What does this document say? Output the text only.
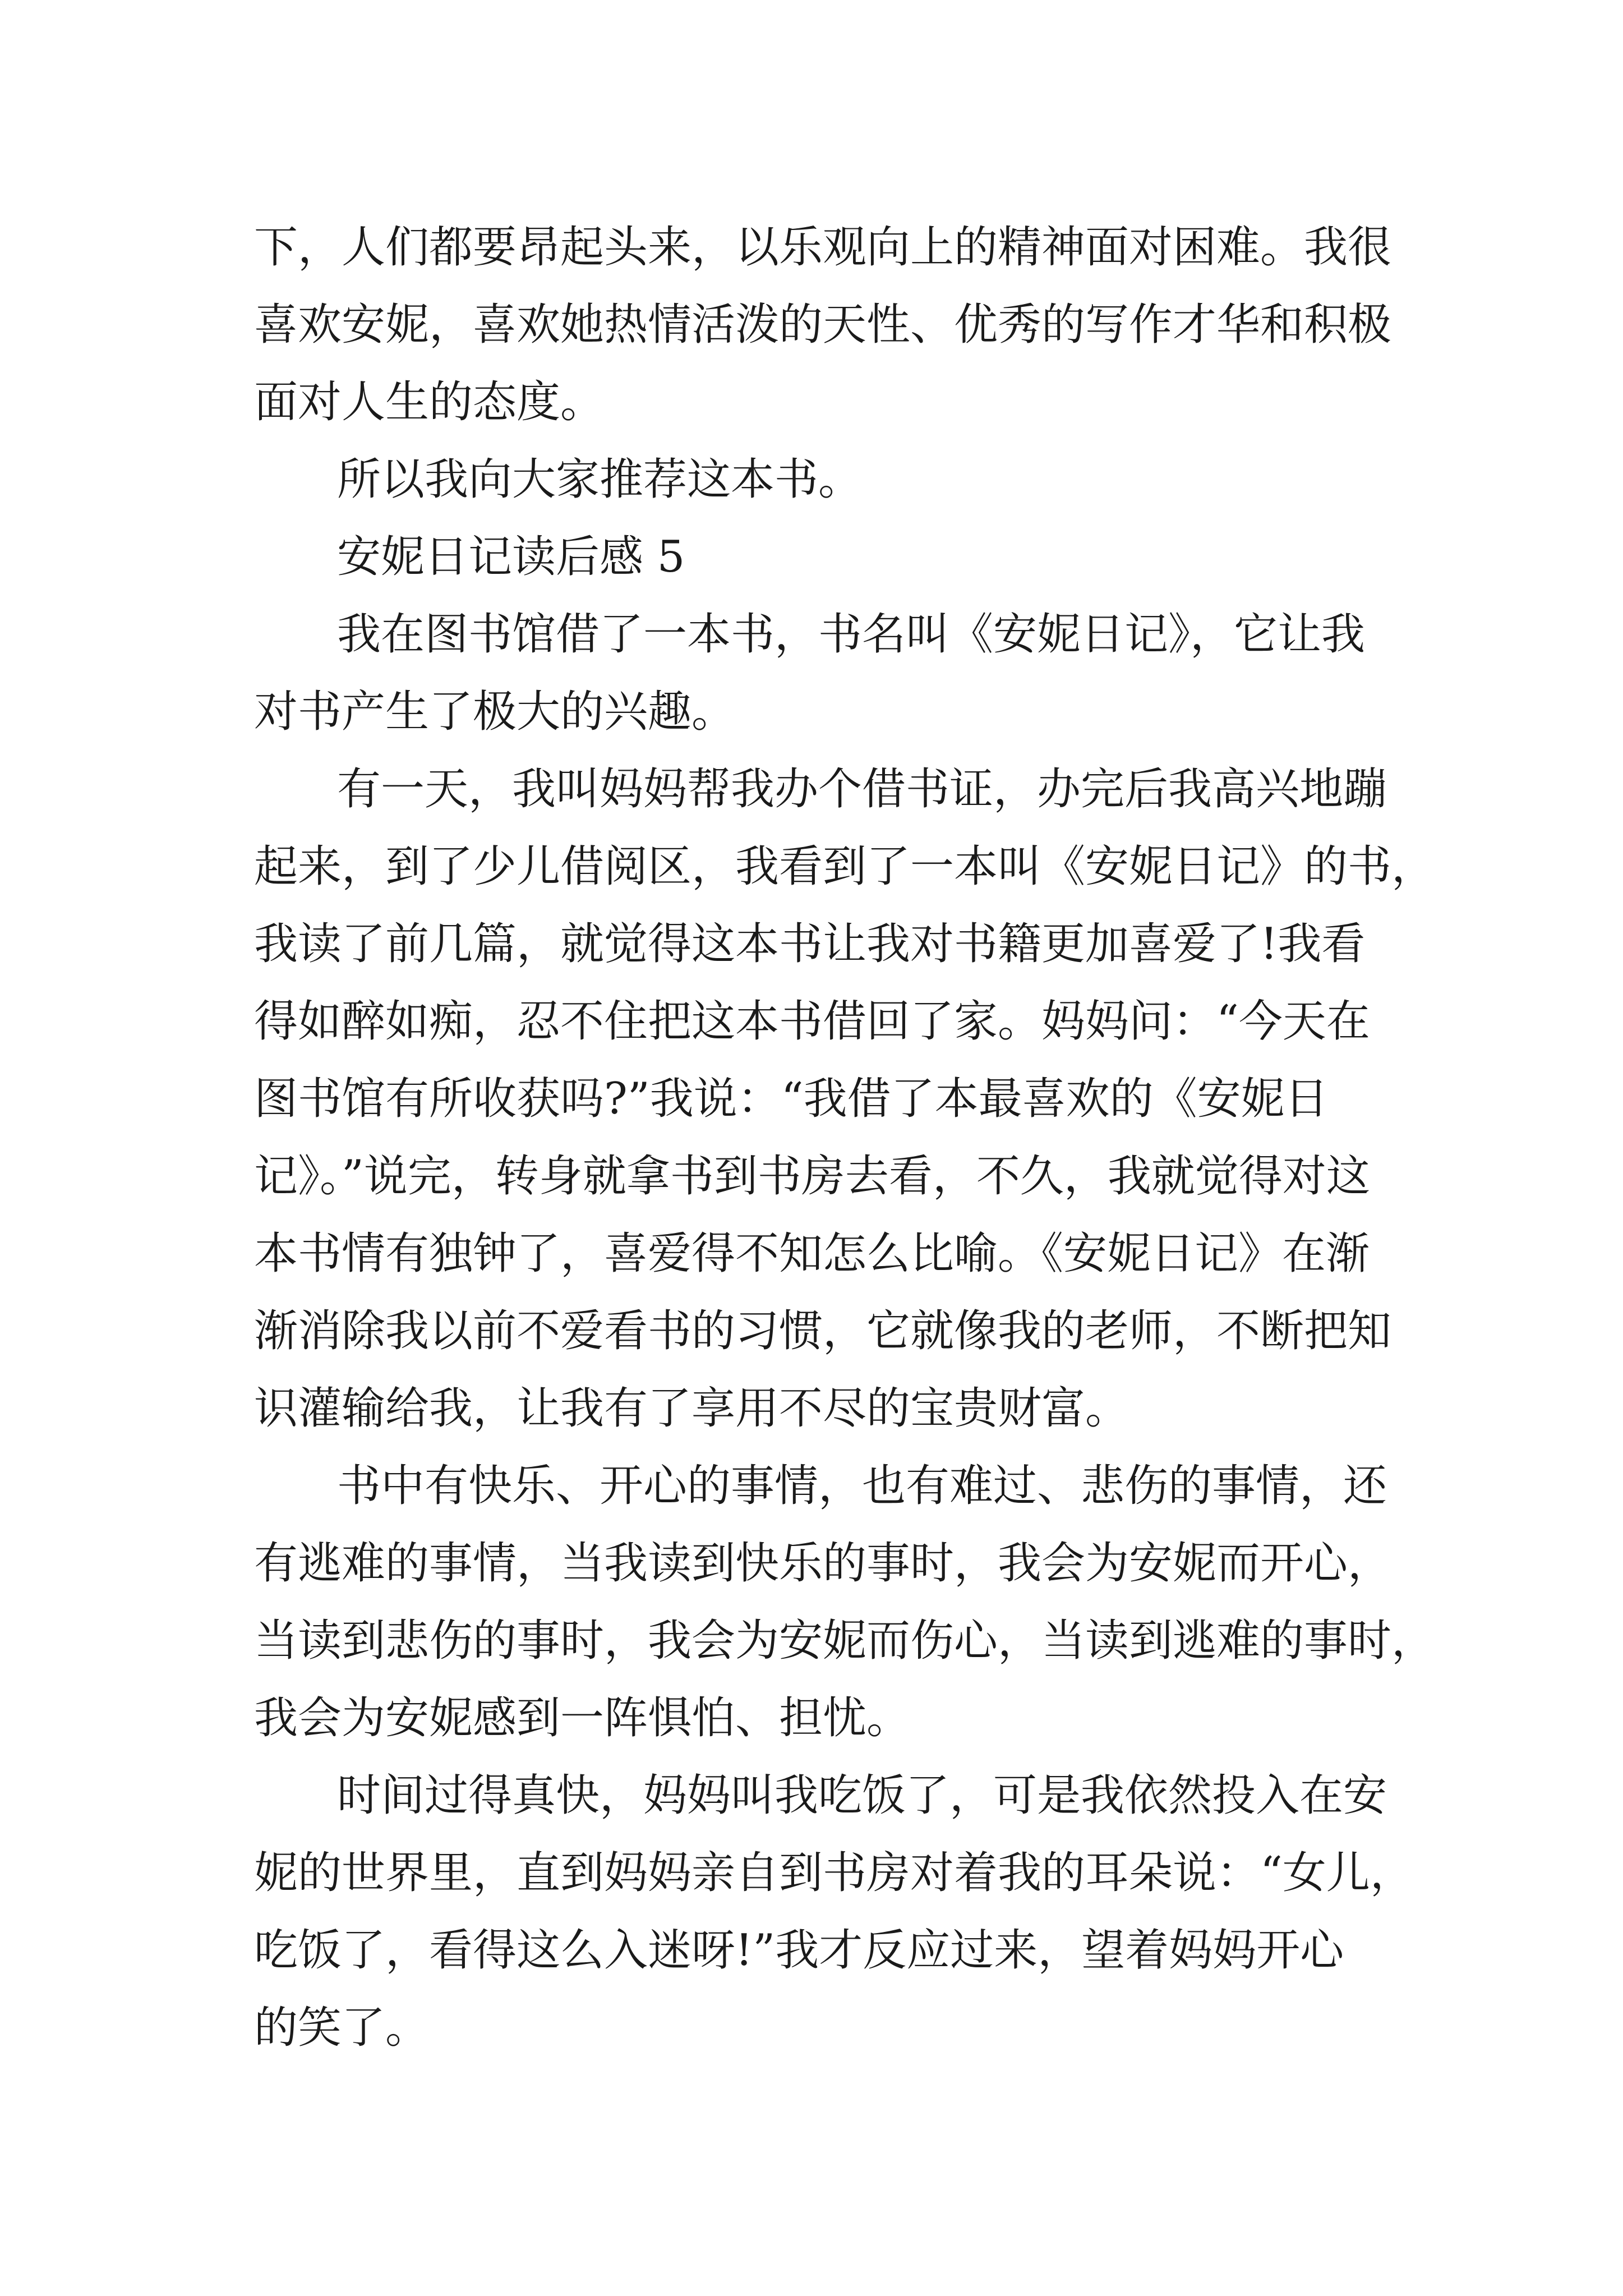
下，人们都要昂起头来，以乐观向上的精神面对困难。我很
喜欢安妮，喜欢她热情活泼的天性、优秀的写作才华和积极
面对人生的态度。
所以我向大家推荐这本书。
安妮日记读后感 5
我在图书馆借了一本书，书名叫《安妮日记》，它让我
对书产生了极大的兴趣。
有一天，我叫妈妈帮我办个借书证，办完后我高兴地蹦
起来，到了少儿借阅区，我看到了一本叫《安妮日记》的书，
我读了前几篇，就觉得这本书让我对书籍更加喜爱了!我看
得如醉如痴，忍不住把这本书借回了家。妈妈问：“今天在
图书馆有所收获吗?”我说：“我借了本最喜欢的《安妮日
记》。”说完，转身就拿书到书房去看，不久，我就觉得对这
本书情有独钟了，喜爱得不知怎么比喻。《安妮日记》在渐
渐消除我以前不爱看书的习惯，它就像我的老师，不断把知
识灌输给我，让我有了享用不尽的宝贵财富。
书中有快乐、开心的事情，也有难过、悲伤的事情，还
有逃难的事情，当我读到快乐的事时，我会为安妮而开心，
当读到悲伤的事时，我会为安妮而伤心，当读到逃难的事时，
我会为安妮感到一阵惧怕、担忧。
时间过得真快，妈妈叫我吃饭了，可是我依然投入在安
妮的世界里，直到妈妈亲自到书房对着我的耳朵说：“女儿，
吃饭了，看得这么入迷呀!”我才反应过来，望着妈妈开心
的笑了。
